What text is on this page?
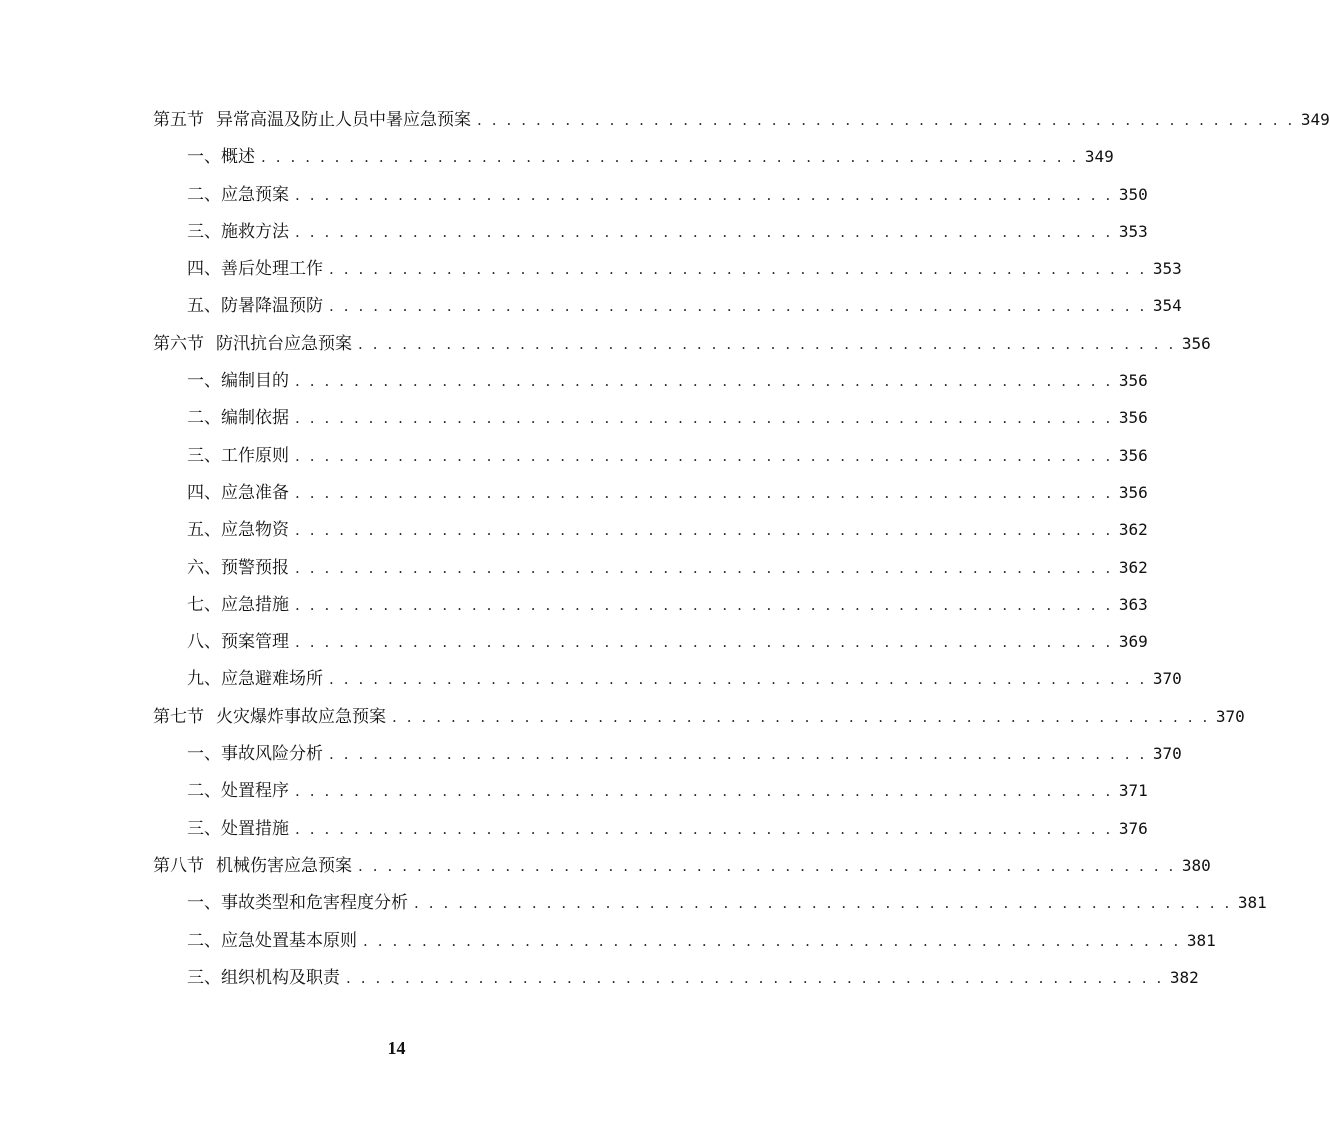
第五节 异常高温及防止人员中暑应急预案 . . . . . . . . . . . . . . . . . . . . . . . . . . . . . . . . . . . . . . . . . . . . . . . . . . . . . . . . 349
一、概述 . . . . . . . . . . . . . . . . . . . . . . . . . . . . . . . . . . . . . . . . . . . . . . . . . . . . . . . . 349
二、应急预案 . . . . . . . . . . . . . . . . . . . . . . . . . . . . . . . . . . . . . . . . . . . . . . . . . . . . . . . . 350
三、施救方法 . . . . . . . . . . . . . . . . . . . . . . . . . . . . . . . . . . . . . . . . . . . . . . . . . . . . . . . . 353
四、善后处理工作 . . . . . . . . . . . . . . . . . . . . . . . . . . . . . . . . . . . . . . . . . . . . . . . . . . . . . . . . 353
五、防暑降温预防 . . . . . . . . . . . . . . . . . . . . . . . . . . . . . . . . . . . . . . . . . . . . . . . . . . . . . . . . 354
第六节 防汛抗台应急预案 . . . . . . . . . . . . . . . . . . . . . . . . . . . . . . . . . . . . . . . . . . . . . . . . . . . . . . . . 356
一、编制目的 . . . . . . . . . . . . . . . . . . . . . . . . . . . . . . . . . . . . . . . . . . . . . . . . . . . . . . . . 356
二、编制依据 . . . . . . . . . . . . . . . . . . . . . . . . . . . . . . . . . . . . . . . . . . . . . . . . . . . . . . . . 356
三、工作原则 . . . . . . . . . . . . . . . . . . . . . . . . . . . . . . . . . . . . . . . . . . . . . . . . . . . . . . . . 356
四、应急准备 . . . . . . . . . . . . . . . . . . . . . . . . . . . . . . . . . . . . . . . . . . . . . . . . . . . . . . . . 356
五、应急物资 . . . . . . . . . . . . . . . . . . . . . . . . . . . . . . . . . . . . . . . . . . . . . . . . . . . . . . . . 362
六、预警预报 . . . . . . . . . . . . . . . . . . . . . . . . . . . . . . . . . . . . . . . . . . . . . . . . . . . . . . . . 362
七、应急措施 . . . . . . . . . . . . . . . . . . . . . . . . . . . . . . . . . . . . . . . . . . . . . . . . . . . . . . . . 363
八、预案管理 . . . . . . . . . . . . . . . . . . . . . . . . . . . . . . . . . . . . . . . . . . . . . . . . . . . . . . . . 369
九、应急避难场所 . . . . . . . . . . . . . . . . . . . . . . . . . . . . . . . . . . . . . . . . . . . . . . . . . . . . . . . . 370
第七节 火灾爆炸事故应急预案 . . . . . . . . . . . . . . . . . . . . . . . . . . . . . . . . . . . . . . . . . . . . . . . . . . . . . . . . 370
一、事故风险分析 . . . . . . . . . . . . . . . . . . . . . . . . . . . . . . . . . . . . . . . . . . . . . . . . . . . . . . . . 370
二、处置程序 . . . . . . . . . . . . . . . . . . . . . . . . . . . . . . . . . . . . . . . . . . . . . . . . . . . . . . . . 371
三、处置措施 . . . . . . . . . . . . . . . . . . . . . . . . . . . . . . . . . . . . . . . . . . . . . . . . . . . . . . . . 376
第八节 机械伤害应急预案 . . . . . . . . . . . . . . . . . . . . . . . . . . . . . . . . . . . . . . . . . . . . . . . . . . . . . . . . 380
一、事故类型和危害程度分析 . . . . . . . . . . . . . . . . . . . . . . . . . . . . . . . . . . . . . . . . . . . . . . . . . . . . . . . . 381
二、应急处置基本原则 . . . . . . . . . . . . . . . . . . . . . . . . . . . . . . . . . . . . . . . . . . . . . . . . . . . . . . . . 381
三、组织机构及职责 . . . . . . . . . . . . . . . . . . . . . . . . . . . . . . . . . . . . . . . . . . . . . . . . . . . . . . . . 382
14
